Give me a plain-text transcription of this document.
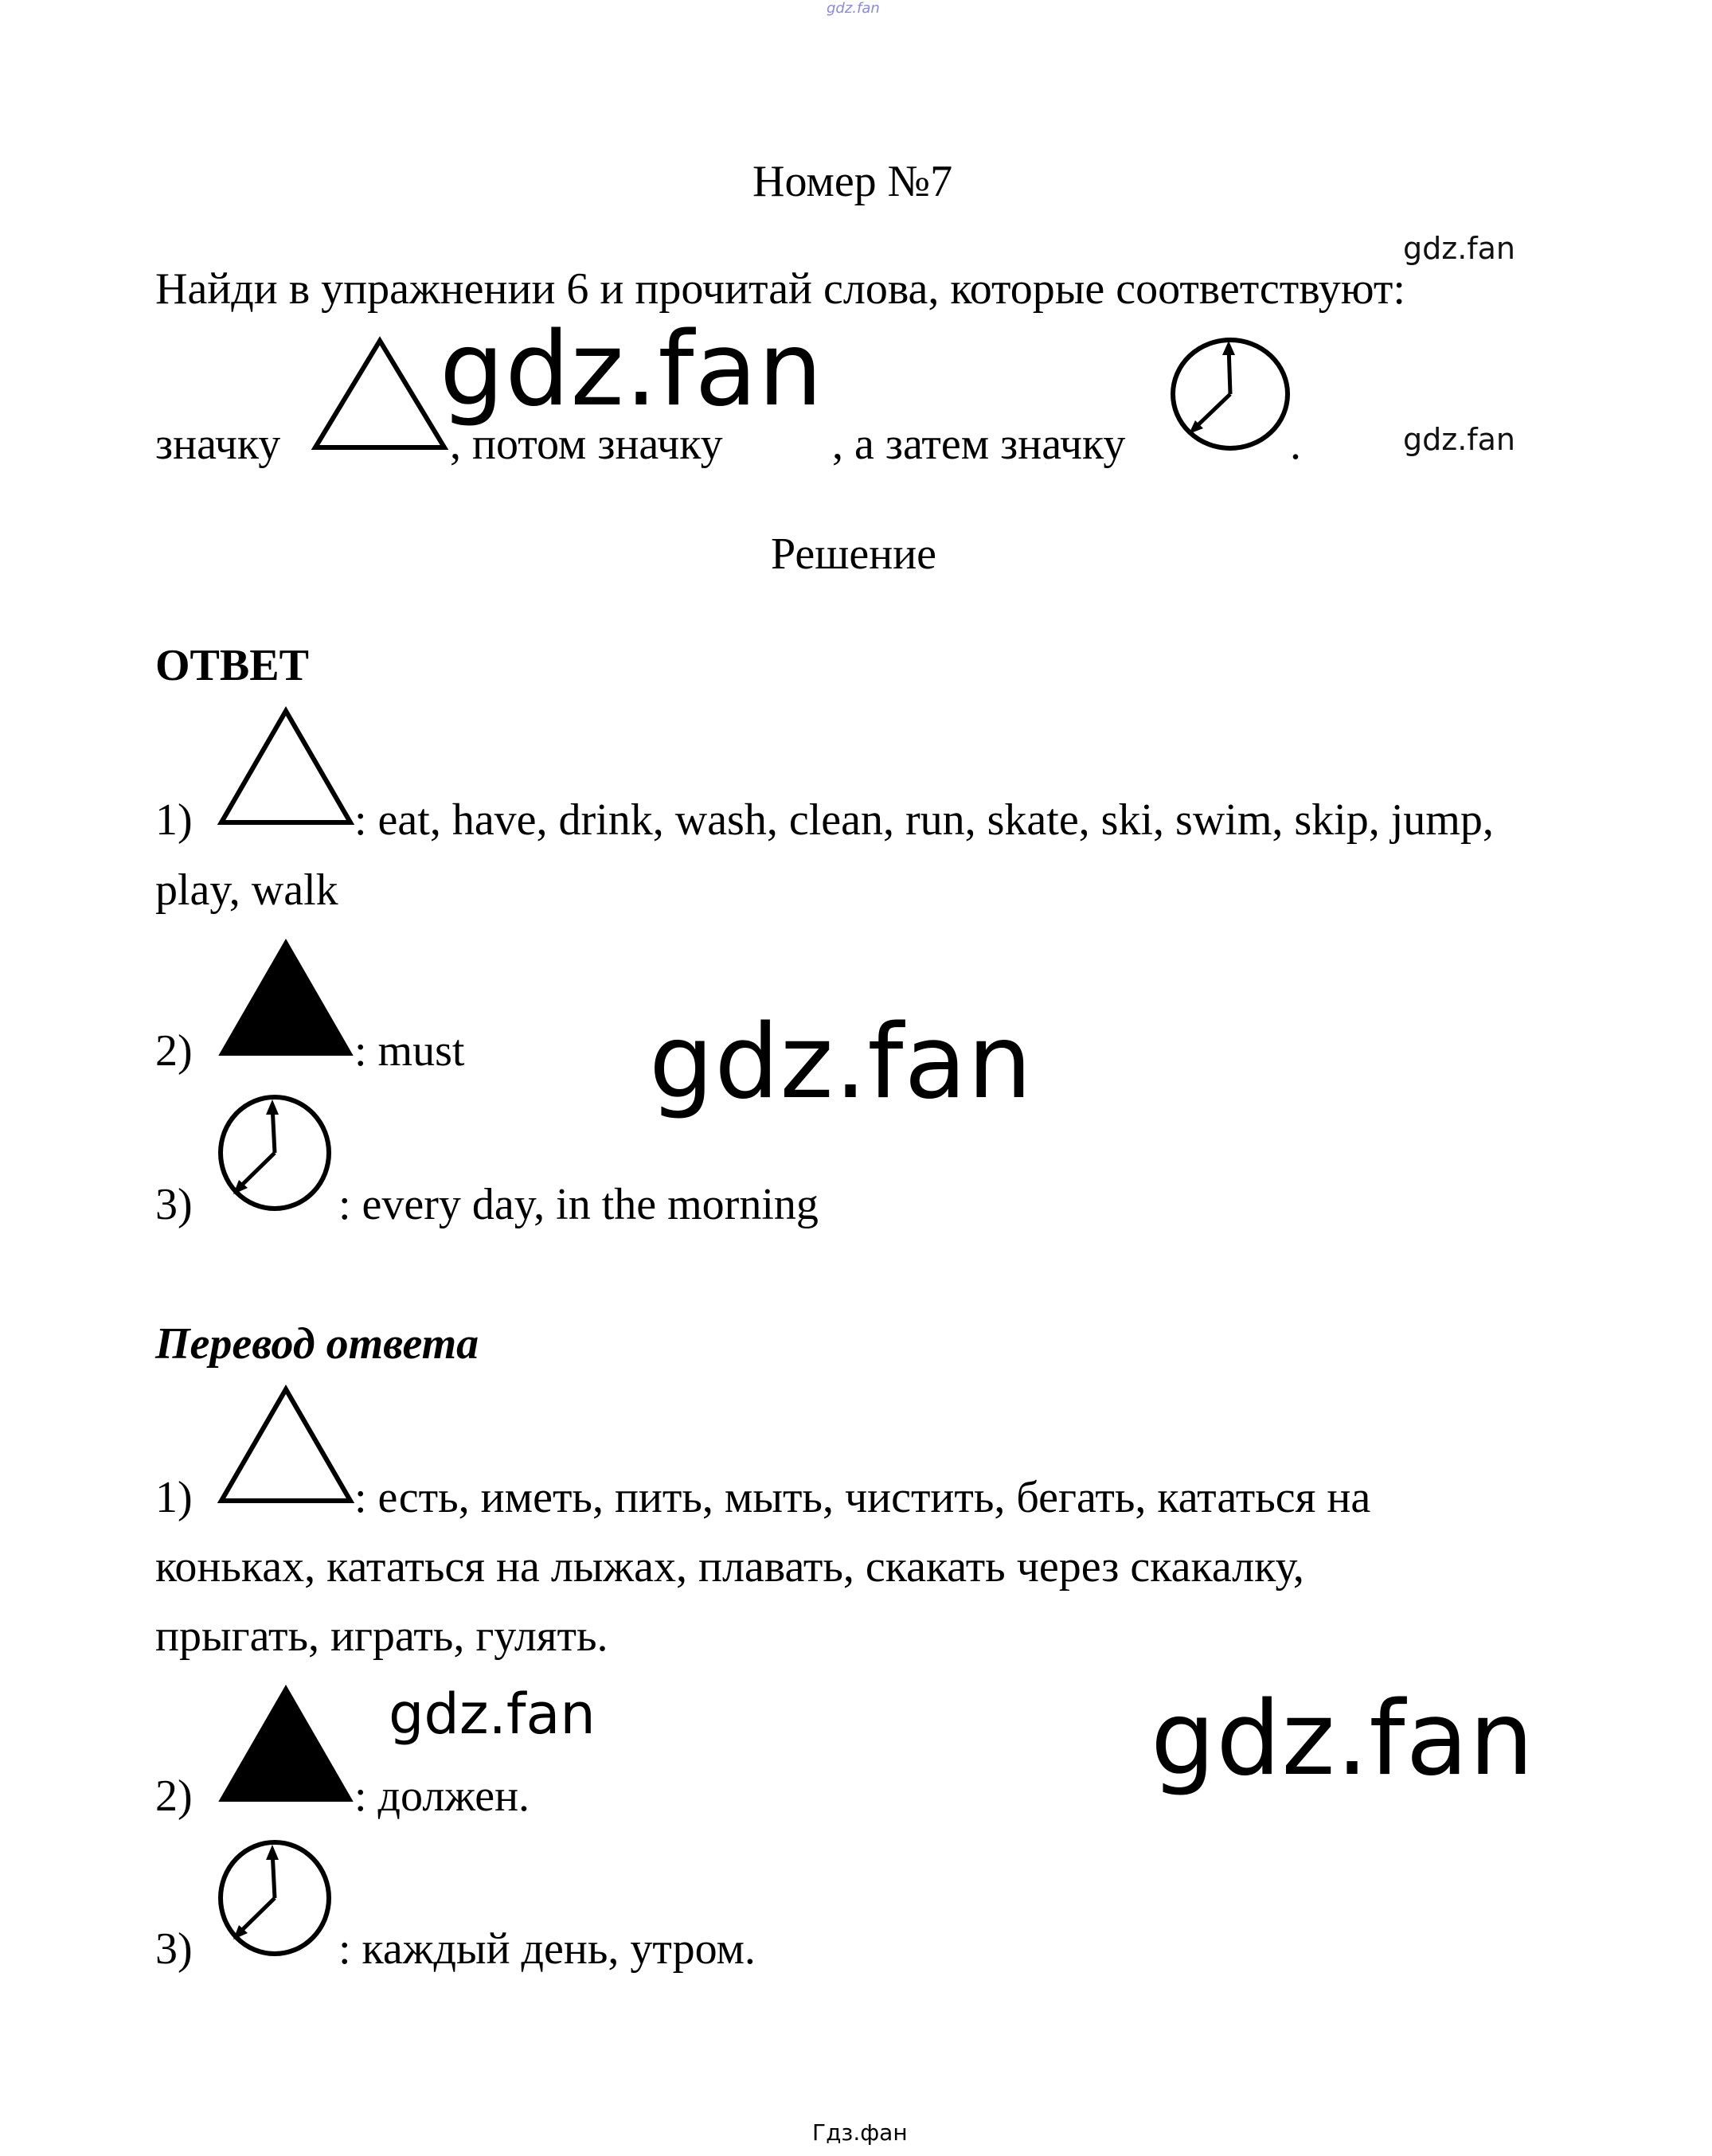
gdz.fan
Номер №7
gdz.fan
Найди в упражнении 6 и прочитай слова, которые соответствуют:
gdz.fan
значку	, потом значку , а затем значку	.	gdz.fan
Решение
ОТВЕТ
1)	: eat, have, drink, wash, clean, run, skate, ski, swim, skip, jump,
play, walk
2)	: must gdz.fan
3)	: every day, in the morning
Перевод ответа
1)	: есть, иметь, пить, мыть, чистить, бегать, кататься на
коньках, кататься на лыжах, плавать, скакать через скакалку,
прыгать, играть, гулять.
gdz.fan	gdz.fan
2)	: должен.
3)	: каждый день, утром.
Гдз.фан
